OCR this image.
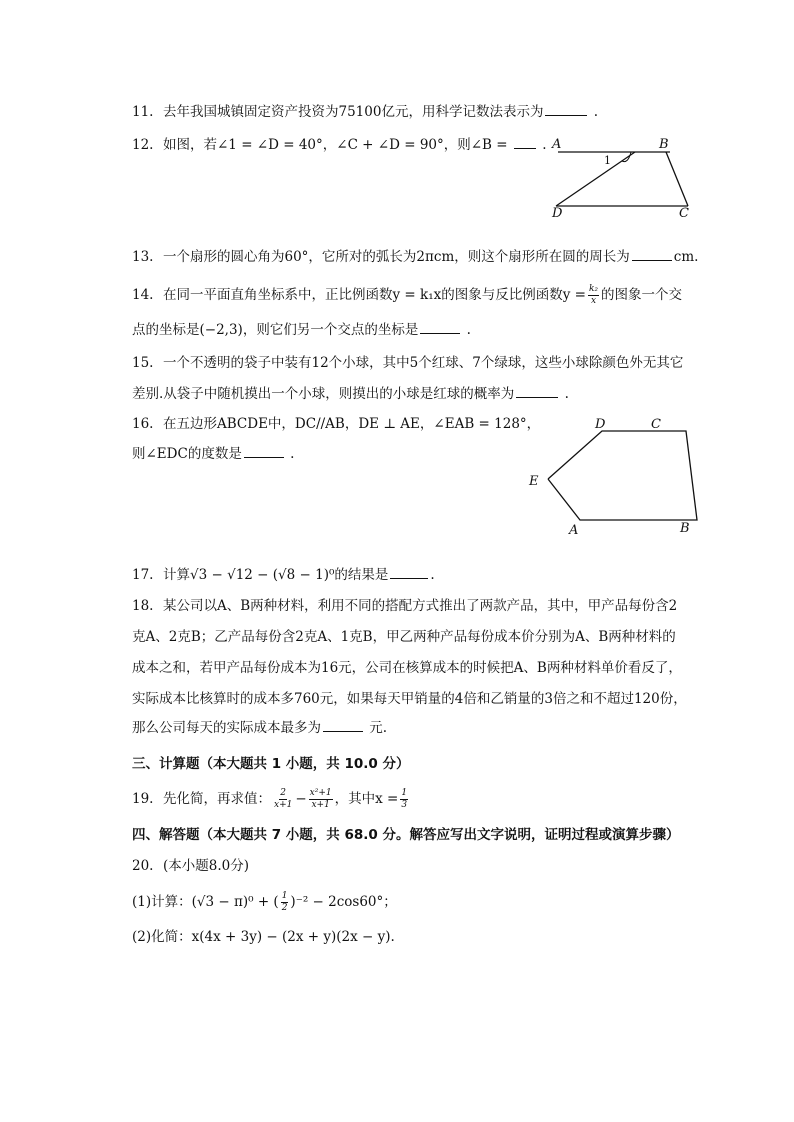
11. 去年我国城镇固定资产投资为75100亿元，用科学记数法表示为	.
12. 如图，若∠1 = ∠D = 40°，∠C + ∠D = 90°，则∠B =	. A	B
C
D
1
13. 一个扇形的圆心角为60°，它所对的弧长为2πcm，则这个扇形所在圆的周长为	cm.
14. 在同一平面直角坐标系中，正比例函数y = k₁x的图象与反比例函数$y = \frac{\text{k₂}}{x}$ 的图象一个交
点的坐标是(−2,3)，则它们另一个交点的坐标是	.
15. 一个不透明的袋子中装有12个小球，其中5个红球、7个绿球，这些小球除颜色外无其它
差别.从袋子中随机摸出一个小球，则摸出的小球是红球的概率为	.
16. 在五边形ABCDE中，DC//AB，DE ⊥ AE，∠EAB = 128°，
则∠EDC的度数是	.
D	C
E
A	B
17. 计算√3 − √12 − (√8 − 1)⁰的结果是	.
18. 某公司以A、B两种材料，利用不同的搭配方式推出了两款产品，其中，甲产品每份含2
克A、2克B；乙产品每份含2克A、1克B，甲乙两种产品每份成本价分别为A、B两种材料的
成本之和，若甲产品每份成本为16元，公司在核算成本的时候把A、B两种材料单价看反了，
实际成本比核算时的成本多760元，如果每天甲销量的4倍和乙销量的3倍之和不超过120份，
那么公司每天的实际成本最多为	元.
三、计算题（本大题共 1 小题，共 10.0 分）
19. 先化简，再求值： $\frac{2}{x+1} - \frac{\text{x²+1}}{x+1}$ ，其中$x = \frac{1}{3}$
四、解答题（本大题共 7 小题，共 68.0 分。解答应写出文字说明，证明过程或演算步骤）
20. (本小题8.0分)
(1)计算：(√3 − π)⁰ + ( $\frac{1}{2} )^{-2} - 2\cos 60^\circ$；
(2)化简：x(4x + 3y) − (2x + y)(2x − y).
